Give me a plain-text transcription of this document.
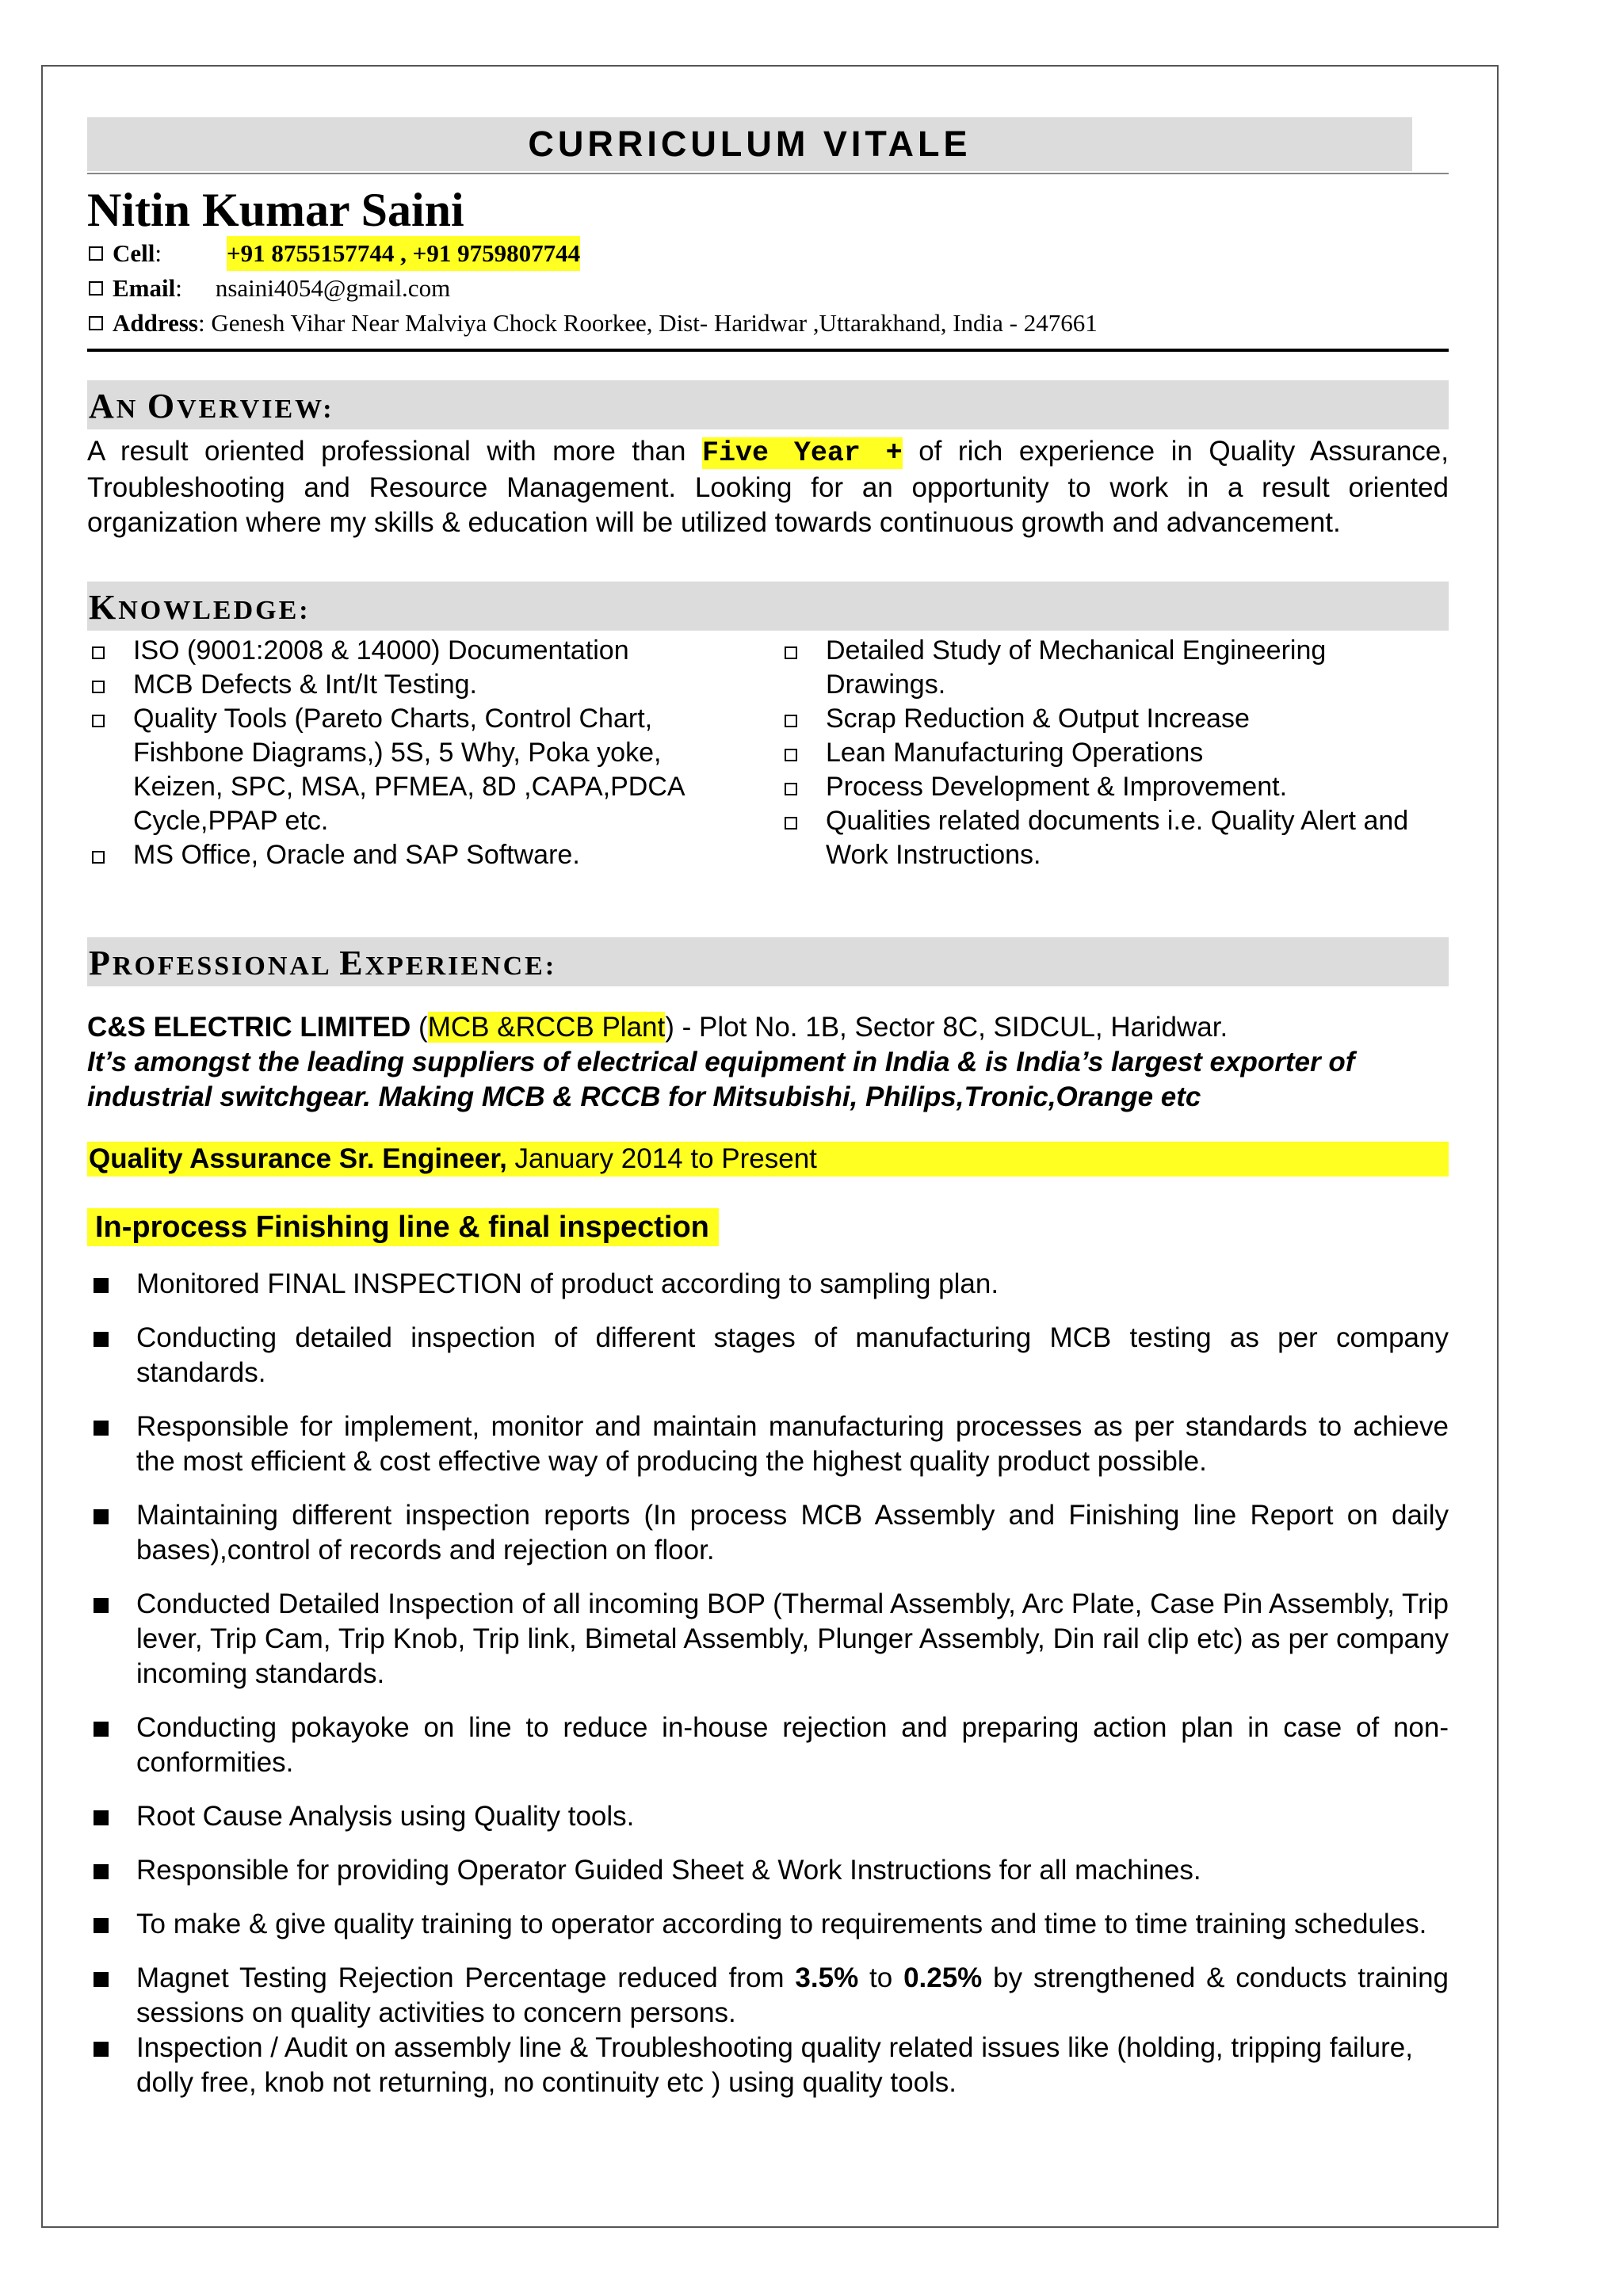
CURRICULUM VITALE
Nitin Kumar Saini
Cell :	+91 8755157744 , +91 9759807744
Email : nsaini4054@gmail.com
Address : Genesh Vihar Near Malviya Chock Roorkee, Dist- Haridwar ,Uttarakhand, India - 247661
AN OVERVIEW:
A result oriented professional with more than Five Year + of rich experience in Quality Assurance, Troubleshooting and Resource Management. Looking for an opportunity to work in a result oriented organization where my skills & education will be utilized towards continuous growth and advancement.
KNOWLEDGE:
ISO (9001:2008 & 14000) Documentation
MCB Defects & Int/It Testing.
Quality Tools (Pareto Charts, Control Chart, Fishbone Diagrams,) 5S, 5 Why, Poka yoke, Keizen, SPC, MSA, PFMEA, 8D ,CAPA,PDCA Cycle,PPAP etc.
MS Office, Oracle and SAP Software.
Detailed Study of Mechanical Engineering Drawings.
Scrap Reduction & Output Increase
Lean Manufacturing Operations
Process Development & Improvement.
Qualities related documents i.e. Quality Alert and Work Instructions.
PROFESSIONAL EXPERIENCE:
C&S ELECTRIC LIMITED (MCB &RCCB Plant) - Plot No. 1B, Sector 8C, SIDCUL, Haridwar.
It’s amongst the leading suppliers of electrical equipment in India & is India’s largest exporter of industrial switchgear. Making MCB & RCCB for Mitsubishi, Philips,Tronic,Orange etc
Quality Assurance Sr. Engineer, January 2014 to Present
In-process Finishing line & final inspection
Monitored FINAL INSPECTION of product according to sampling plan.
Conducting detailed inspection of different stages of manufacturing MCB testing as per company standards.
Responsible for implement, monitor and maintain manufacturing processes as per standards to achieve the most efficient & cost effective way of producing the highest quality product possible.
Maintaining different inspection reports (In process MCB Assembly and Finishing line Report on daily bases),control of records and rejection on floor.
Conducted Detailed Inspection of all incoming BOP (Thermal Assembly, Arc Plate, Case Pin Assembly, Trip lever, Trip Cam, Trip Knob, Trip link, Bimetal Assembly, Plunger Assembly, Din rail clip etc) as per company incoming standards.
Conducting pokayoke on line to reduce in-house rejection and preparing action plan in case of non-conformities.
Root Cause Analysis using Quality tools.
Responsible for providing Operator Guided Sheet & Work Instructions for all machines.
To make & give quality training to operator according to requirements and time to time training schedules.
Magnet Testing Rejection Percentage reduced from 3.5% to 0.25% by strengthened & conducts training sessions on quality activities to concern persons.
Inspection / Audit on assembly line & Troubleshooting quality related issues like (holding, tripping failure, dolly free, knob not returning, no continuity etc ) using quality tools.
